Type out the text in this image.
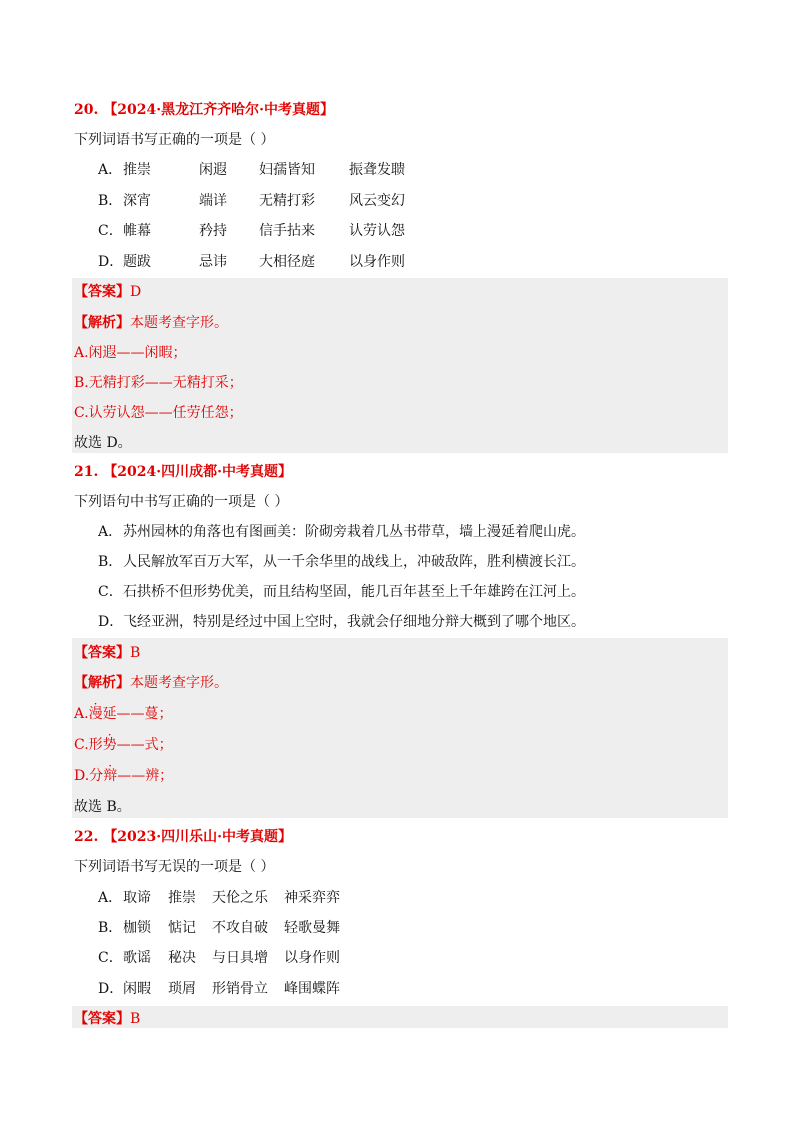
20. 【2024·黑龙江齐齐哈尔·中考真题】
下列词语书写正确的一项是（ ）
A． 推崇	闲遐 妇孺皆知 振聋发聩
B． 深宵	端详 无精打彩 风云变幻
C． 帷幕	矜持 信手拈来 认劳认怨
D． 题跋	忌讳 大相径庭 以身作则
【答案】D
【解析】本题考查字形。
A.闲遐——闲暇；
B.无精打彩——无精打采；
C.认劳认怨——任劳任怨；
故选 D。
21. 【2024·四川成都·中考真题】
下列语句中书写正确的一项是（ ）
A． 苏州园林的角落也有图画美：阶砌旁栽着几丛书带草，墙上漫延着爬山虎。
B． 人民解放军百万大军，从一千余华里的战线上，冲破敌阵，胜利横渡长江。
C． 石拱桥不但形势优美，而且结构坚固，能几百年甚至上千年雄跨在江河上。
D． 飞经亚洲，特别是经过中国上空时，我就会仔细地分辩大概到了哪个地区。
【答案】B
【解析】本题考查字形。
A.漫延——蔓；
C.形势——式；
D.分辩——辨；
故选 B。
22. 【2023·四川乐山·中考真题】
下列词语书写无误的一项是（ ）
A． 取谛 推崇 天伦之乐 神采弈弈
B． 枷锁 惦记 不攻自破 轻歌曼舞
C． 歌谣 秘决 与日具增 以身作则
D． 闲暇 琐屑 形销骨立 峰围蝶阵
【答案】B
